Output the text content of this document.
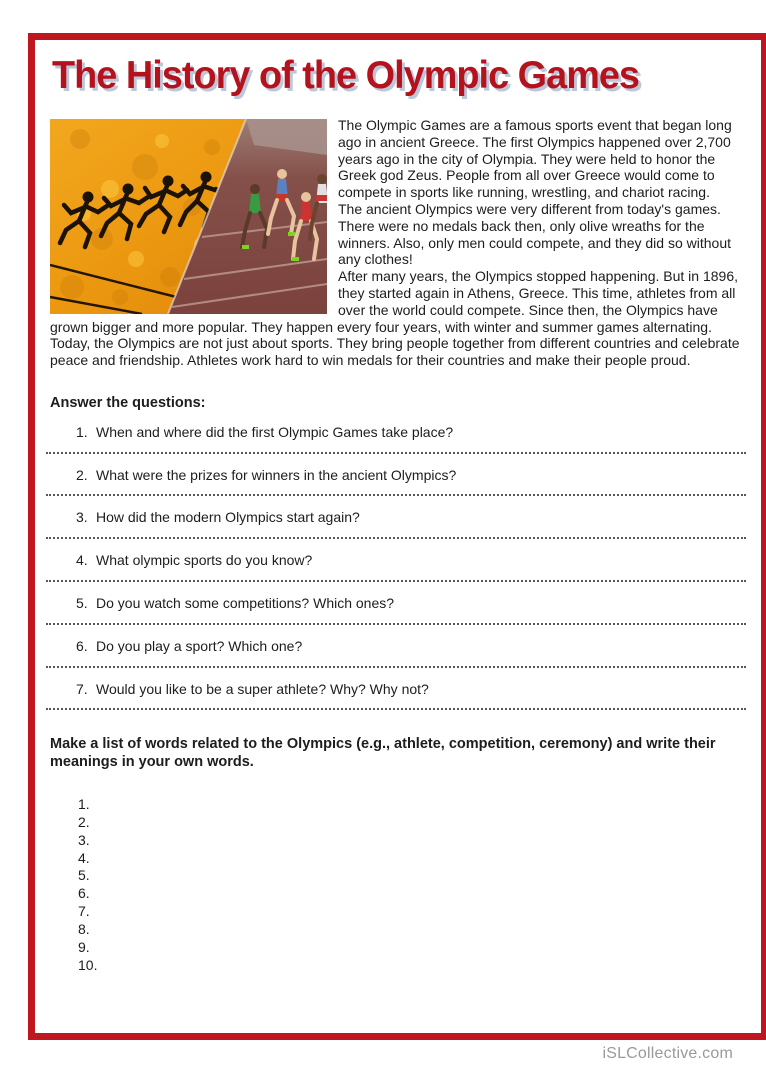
The History of the Olympic Games

The Olympic Games are a famous sports event that began long ago in ancient Greece. The first Olympics happened over 2,700 years ago in the city of Olympia. They were held to honor the Greek god Zeus. People from all over Greece would come to compete in sports like running, wrestling, and chariot racing.

The ancient Olympics were very different from today's games. There were no medals back then, only olive wreaths for the winners. Also, only men could compete, and they did so without any clothes!

After many years, the Olympics stopped happening. But in 1896, they started again in Athens, Greece. This time, athletes from all over the world could compete. Since then, the Olympics have grown bigger and more popular. They happen every four years, with winter and summer games alternating.

Today, the Olympics are not just about sports. They bring people together from different countries and celebrate peace and friendship. Athletes work hard to win medals for their countries and make their people proud.

Answer the questions:
1. When and where did the first Olympic Games take place?
2. What were the prizes for winners in the ancient Olympics?
3. How did the modern Olympics start again?
4. What olympic sports do you know?
5. Do you watch some competitions? Which ones?
6. Do you play a sport? Which one?
7. Would you like to be a super athlete? Why? Why not?
Make a list of words related to the Olympics (e.g., athlete, competition, ceremony) and write their meanings in your own words.
1.
2.
3.
4.
5.
6.
7.
8.
9.
10.
iSLCollective.com
